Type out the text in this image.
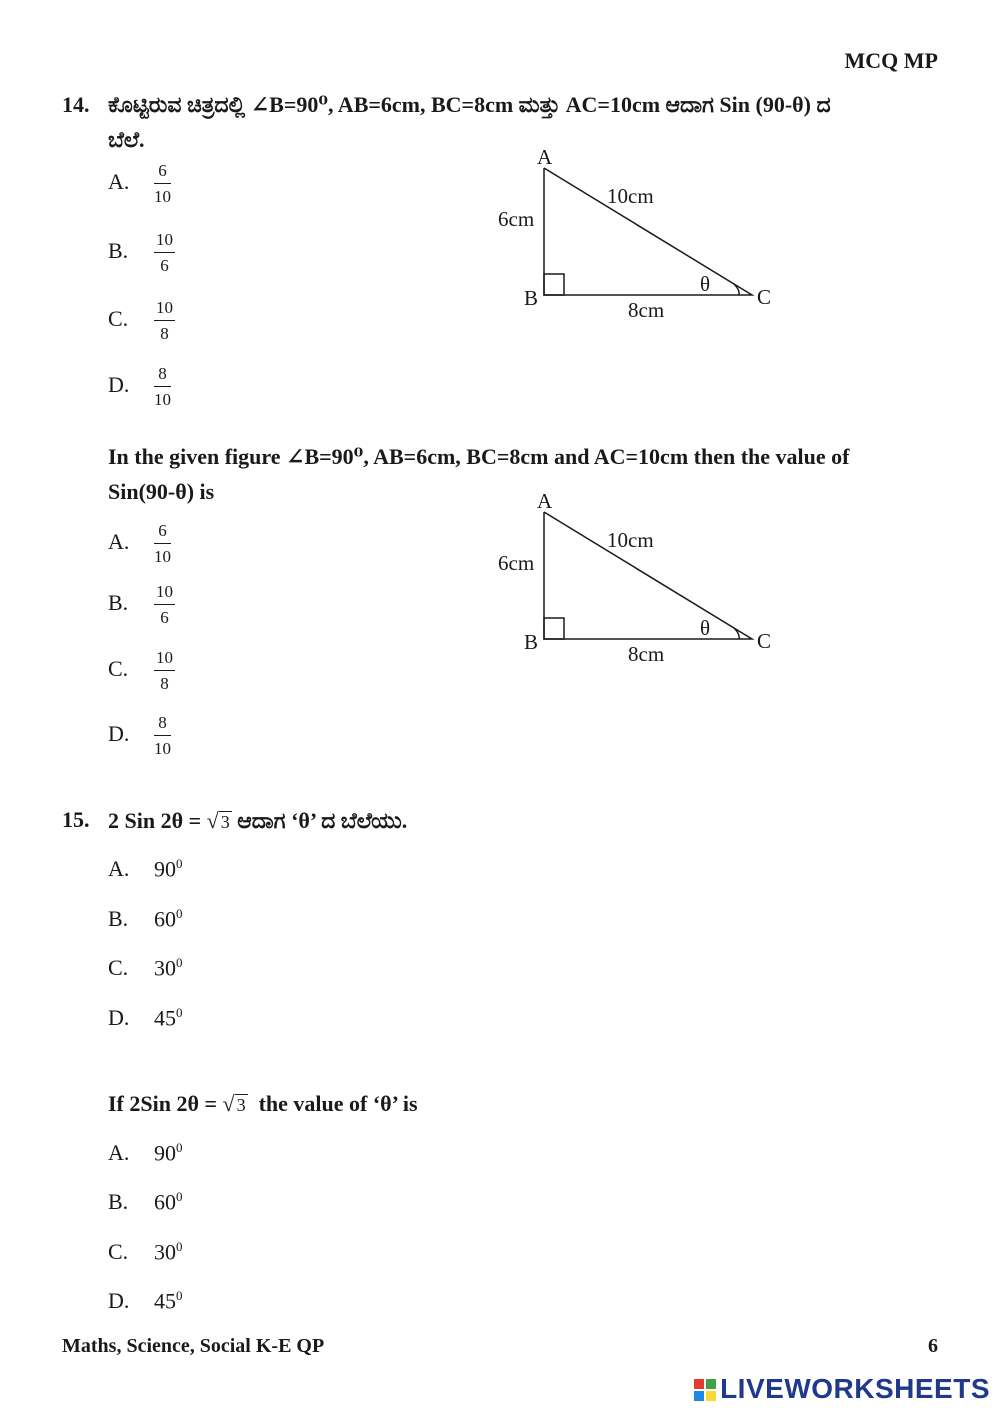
MCQ MP
14. ಕೊಟ್ಟಿರುವ ಚಿತ್ರದಲ್ಲಿ ∠B=90⁰, AB=6cm, BC=8cm ಮತ್ತು AC=10cm ಆದಾಗ Sin (90-θ) ದ
ಬೆಲೆ.
A. $\frac{6}{10}$
B. $\frac{10}{6}$
C. $\frac{10}{8}$
D. $\frac{8}{10}$
A
B	C
6cm
10cm
8cm
θ
In the given figure ∠B=90⁰, AB=6cm, BC=8cm and AC=10cm then the value of
Sin(90-θ) is
A. $\frac{6}{10}$
B. $\frac{10}{6}$
C. $\frac{10}{8}$
D. $\frac{8}{10}$
A
B	C
6cm
10cm
8cm
θ
15. 2 Sin 2θ = √ 3 ಆದಾಗ ‘θ’ ದ ಬೆಲೆಯು.
A. $90^0$
B. $60^0$
C. $30^0$
D. $45^0$
If 2Sin 2θ = √ 3  the value of ‘θ’ is
A. $90^0$
B. $60^0$
C. $30^0$
D. $45^0$
Maths, Science, Social K-E QP	6
LIVEWORKSHEETS
